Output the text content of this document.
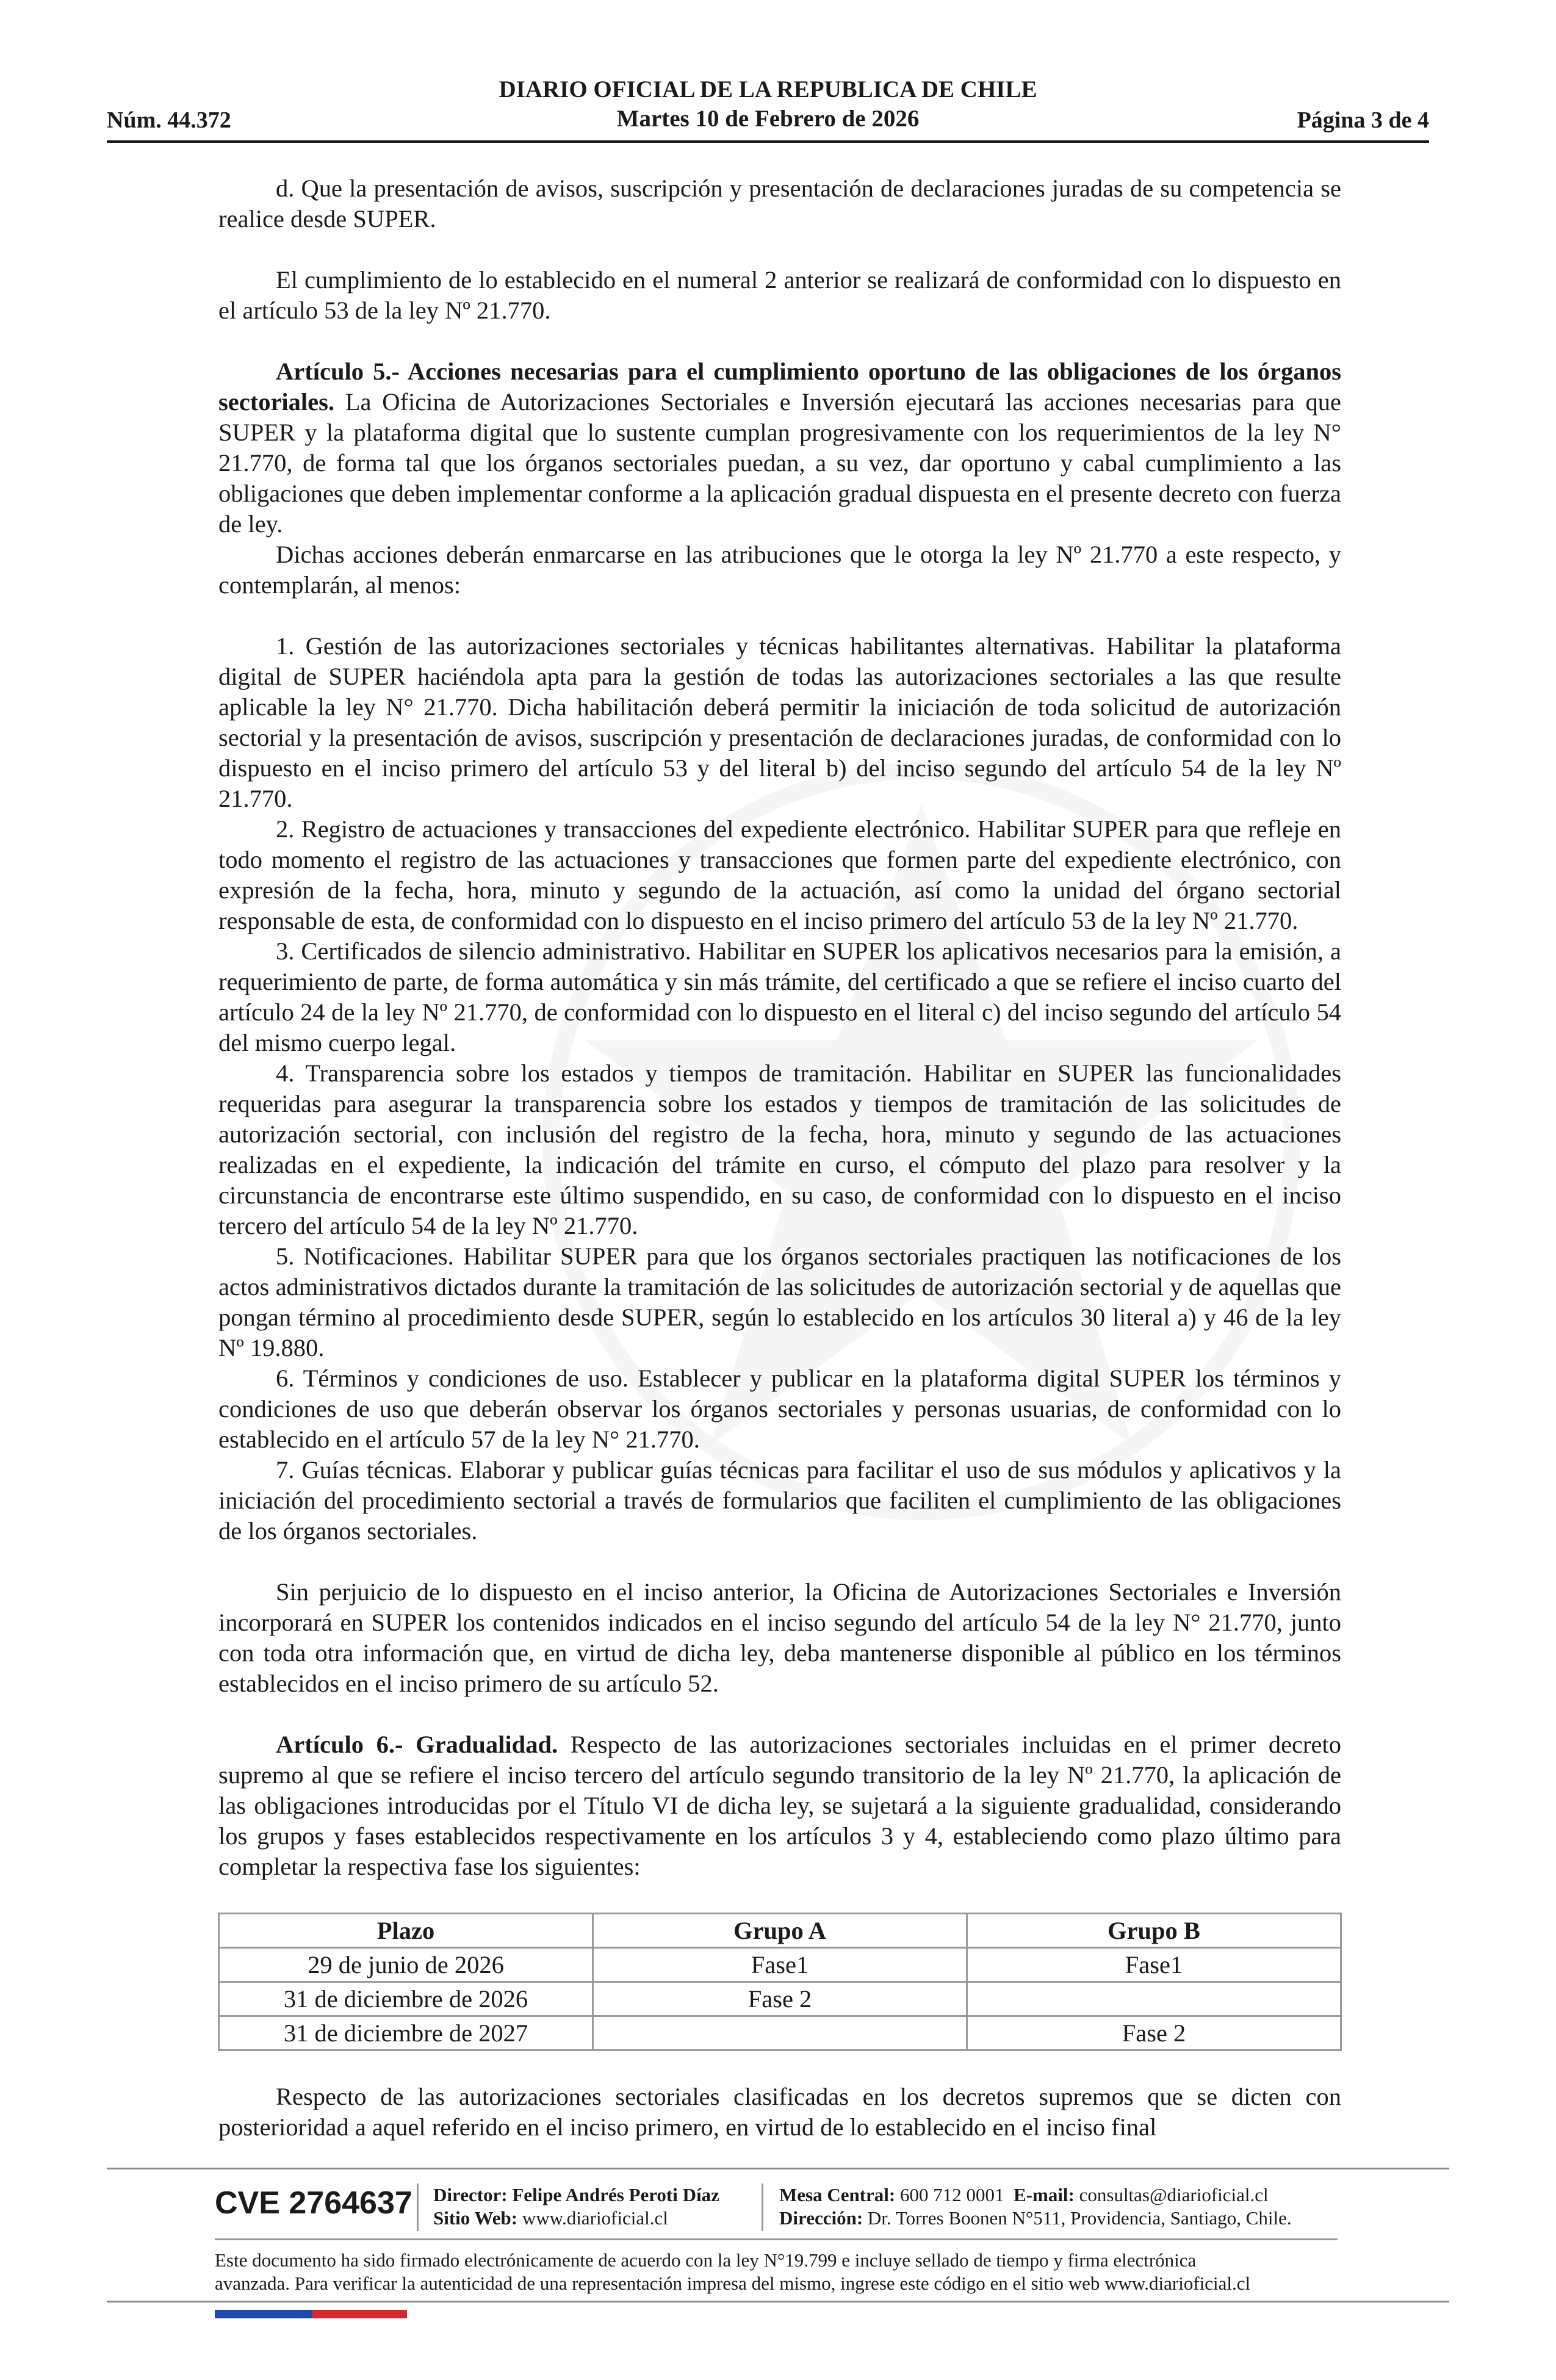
DIARIO OFICIAL DE LA REPUBLICA DE CHILE
Martes 10 de Febrero de 2026
Núm. 44.372	Página 3 de 4

d. Que la presentación de avisos, suscripción y presentación de declaraciones juradas de su competencia se realice desde SUPER.

El cumplimiento de lo establecido en el numeral 2 anterior se realizará de conformidad con lo dispuesto en el artículo 53 de la ley Nº 21.770.

Artículo 5.- Acciones necesarias para el cumplimiento oportuno de las obligaciones de los órganos sectoriales. La Oficina de Autorizaciones Sectoriales e Inversión ejecutará las acciones necesarias para que SUPER y la plataforma digital que lo sustente cumplan progresivamente con los requerimientos de la ley N° 21.770, de forma tal que los órganos sectoriales puedan, a su vez, dar oportuno y cabal cumplimiento a las obligaciones que deben implementar conforme a la aplicación gradual dispuesta en el presente decreto con fuerza de ley.

Dichas acciones deberán enmarcarse en las atribuciones que le otorga la ley Nº 21.770 a este respecto, y contemplarán, al menos:

1. Gestión de las autorizaciones sectoriales y técnicas habilitantes alternativas. Habilitar la plataforma digital de SUPER haciéndola apta para la gestión de todas las autorizaciones sectoriales a las que resulte aplicable la ley N° 21.770. Dicha habilitación deberá permitir la iniciación de toda solicitud de autorización sectorial y la presentación de avisos, suscripción y presentación de declaraciones juradas, de conformidad con lo dispuesto en el inciso primero del artículo 53 y del literal b) del inciso segundo del artículo 54 de la ley Nº 21.770.

2. Registro de actuaciones y transacciones del expediente electrónico. Habilitar SUPER para que refleje en todo momento el registro de las actuaciones y transacciones que formen parte del expediente electrónico, con expresión de la fecha, hora, minuto y segundo de la actuación, así como la unidad del órgano sectorial responsable de esta, de conformidad con lo dispuesto en el inciso primero del artículo 53 de la ley Nº 21.770.

3. Certificados de silencio administrativo. Habilitar en SUPER los aplicativos necesarios para la emisión, a requerimiento de parte, de forma automática y sin más trámite, del certificado a que se refiere el inciso cuarto del artículo 24 de la ley Nº 21.770, de conformidad con lo dispuesto en el literal c) del inciso segundo del artículo 54 del mismo cuerpo legal.

4. Transparencia sobre los estados y tiempos de tramitación. Habilitar en SUPER las funcionalidades requeridas para asegurar la transparencia sobre los estados y tiempos de tramitación de las solicitudes de autorización sectorial, con inclusión del registro de la fecha, hora, minuto y segundo de las actuaciones realizadas en el expediente, la indicación del trámite en curso, el cómputo del plazo para resolver y la circunstancia de encontrarse este último suspendido, en su caso, de conformidad con lo dispuesto en el inciso tercero del artículo 54 de la ley Nº 21.770.

5. Notificaciones. Habilitar SUPER para que los órganos sectoriales practiquen las notificaciones de los actos administrativos dictados durante la tramitación de las solicitudes de autorización sectorial y de aquellas que pongan término al procedimiento desde SUPER, según lo establecido en los artículos 30 literal a) y 46 de la ley Nº 19.880.

6. Términos y condiciones de uso. Establecer y publicar en la plataforma digital SUPER los términos y condiciones de uso que deberán observar los órganos sectoriales y personas usuarias, de conformidad con lo establecido en el artículo 57 de la ley N° 21.770.

7. Guías técnicas. Elaborar y publicar guías técnicas para facilitar el uso de sus módulos y aplicativos y la iniciación del procedimiento sectorial a través de formularios que faciliten el cumplimiento de las obligaciones de los órganos sectoriales.

Sin perjuicio de lo dispuesto en el inciso anterior, la Oficina de Autorizaciones Sectoriales e Inversión incorporará en SUPER los contenidos indicados en el inciso segundo del artículo 54 de la ley N° 21.770, junto con toda otra información que, en virtud de dicha ley, deba mantenerse disponible al público en los términos establecidos en el inciso primero de su artículo 52.

Artículo 6.- Gradualidad. Respecto de las autorizaciones sectoriales incluidas en el primer decreto supremo al que se refiere el inciso tercero del artículo segundo transitorio de la ley Nº 21.770, la aplicación de las obligaciones introducidas por el Título VI de dicha ley, se sujetará a la siguiente gradualidad, considerando los grupos y fases establecidos respectivamente en los artículos 3 y 4, estableciendo como plazo último para completar la respectiva fase los siguientes:

Plazo	Grupo A	Grupo B
29 de junio de 2026	Fase1	Fase1
31 de diciembre de 2026	Fase 2	
31 de diciembre de 2027		Fase 2

Respecto de las autorizaciones sectoriales clasificadas en los decretos supremos que se dicten con posterioridad a aquel referido en el inciso primero, en virtud de lo establecido en el inciso final

CVE 2764637 Director: Felipe Andrés Peroti Díaz
Sitio Web: www.diarioficial.cl
Mesa Central: 600 712 0001 E-mail: consultas@diarioficial.cl
Dirección: Dr. Torres Boonen N°511, Providencia, Santiago, Chile.
Este documento ha sido firmado electrónicamente de acuerdo con la ley N°19.799 e incluye sellado de tiempo y firma electrónica
avanzada. Para verificar la autenticidad de una representación impresa del mismo, ingrese este código en el sitio web www.diarioficial.cl
